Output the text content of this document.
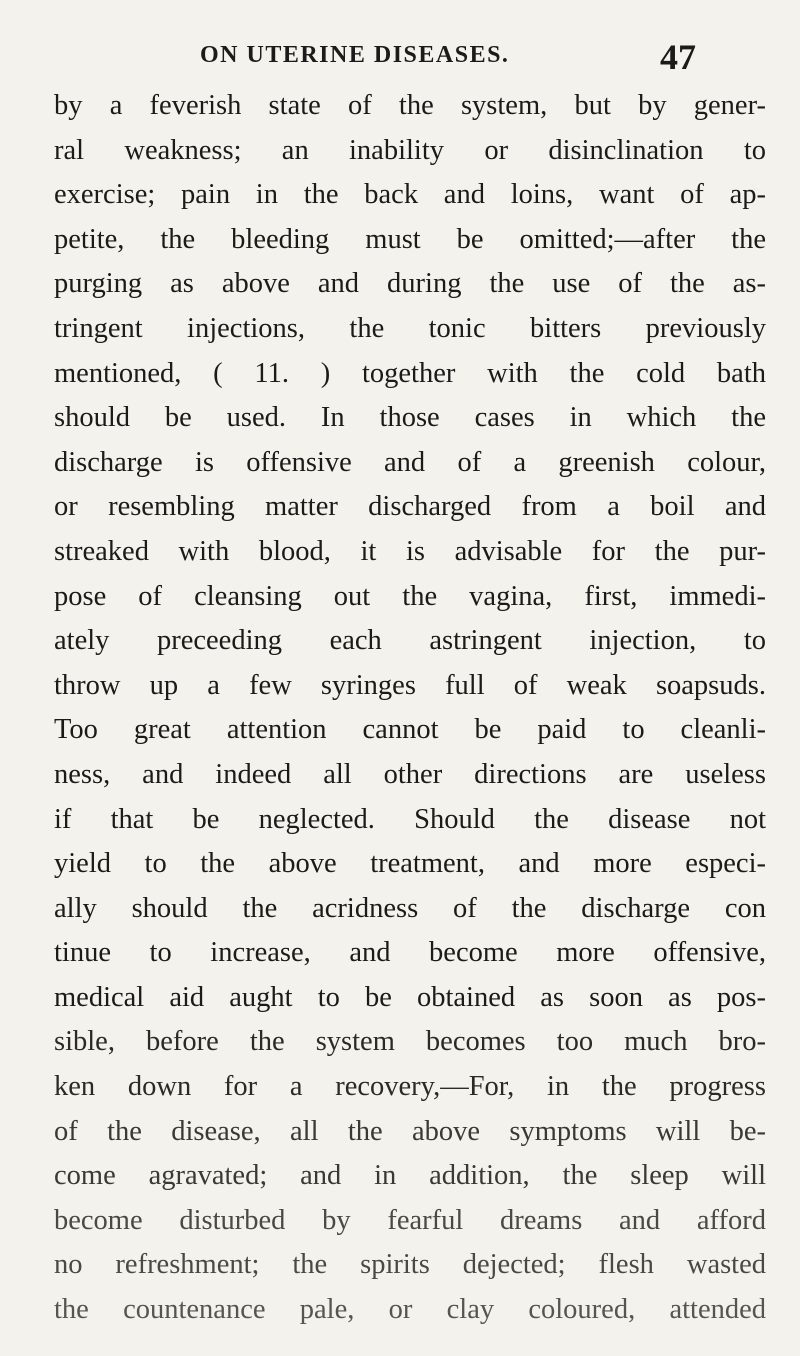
ON UTERINE DISEASES.	47
by a feverish state of the system, but by gener-
ral weakness; an inability or disinclination to
exercise; pain in the back and loins, want of ap-
petite, the bleeding must be omitted;—after the
purging as above and during the use of the as-
tringent injections, the tonic bitters previously
mentioned, ( 11. ) together with the cold bath
should be used. In those cases in which the
discharge is offensive and of a greenish colour,
or resembling matter discharged from a boil and
streaked with blood, it is advisable for the pur-
pose of cleansing out the vagina, first, immedi-
ately preceeding each astringent injection, to
throw up a few syringes full of weak soapsuds.
Too great attention cannot be paid to cleanli-
ness, and indeed all other directions are useless
if that be neglected. Should the disease not
yield to the above treatment, and more especi-
ally should the acridness of the discharge con
tinue to increase, and become more offensive,
medical aid aught to be obtained as soon as pos-
sible, before the system becomes too much bro-
ken down for a recovery,—For, in the progress
of the disease, all the above symptoms will be-
come agravated; and in addition, the sleep will
become disturbed by fearful dreams and afford
no refreshment; the spirits dejected; flesh wasted
the countenance pale, or clay coloured, attended
